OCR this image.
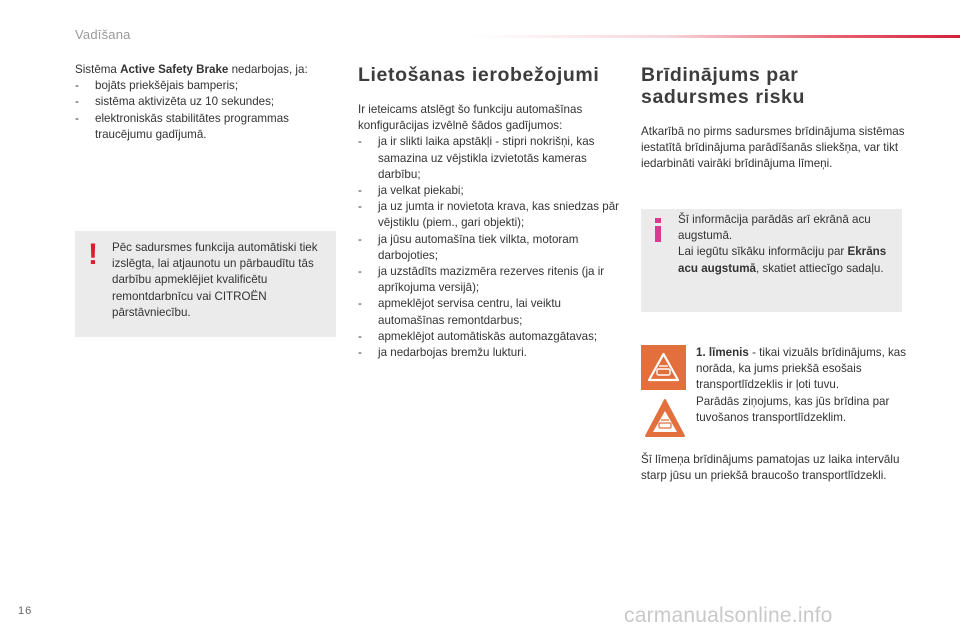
Vadīšana

Sistēma Active Safety Brake nedarbojas, ja:

- bojāts priekšējais bamperis;
- sistēma aktivizēta uz 10 sekundes;
- elektroniskās stabilitātes programmas traucējumu gadījumā.
! Pēc sadursmes funkcija automātiski tiek izslēgta, lai atjaunotu un pārbaudītu tās darbību apmeklējiet kvalificētu remontdarbnīcu vai CITROËN pārstāvniecību.
Lietošanas ierobežojumi

Ir ieteicams atslēgt šo funkciju automašīnas konfigurācijas izvēlnē šādos gadījumos:

- ja ir slikti laika apstākļi - stipri nokrišņi, kas samazina uz vējstikla izvietotās kameras darbību;
- ja velkat piekabi;
- ja uz jumta ir novietota krava, kas sniedzas pār vējstiklu (piem., gari objekti);
- ja jūsu automašīna tiek vilkta, motoram darbojoties;
- ja uzstādīts mazizmēra rezerves ritenis (ja ir aprīkojuma versijā);
- apmeklējot servisa centru, lai veiktu automašīnas remontdarbus;
- apmeklējot automātiskās automazgātavas;
- ja nedarbojas bremžu lukturi.
Brīdinājums par sadursmes risku

Atkarībā no pirms sadursmes brīdinājuma sistēmas iestatītā brīdinājuma parādīšanās sliekšņa, var tikt iedarbināti vairāki brīdinājuma līmeņi.

Šī informācija parādās arī ekrānā acu augstumā.
Lai iegūtu sīkāku informāciju par Ekrāns acu augstumā, skatiet attiecīgo sadaļu.
1. līmenis - tikai vizuāls brīdinājums, kas norāda, ka jums priekšā esošais transportlīdzeklis ir ļoti tuvu.
Parādās ziņojums, kas jūs brīdina par tuvošanos transportlīdzeklim.
Šī līmeņa brīdinājums pamatojas uz laika intervālu starp jūsu un priekšā braucošo transportlīdzekli.
16	carmanualsonline.info
